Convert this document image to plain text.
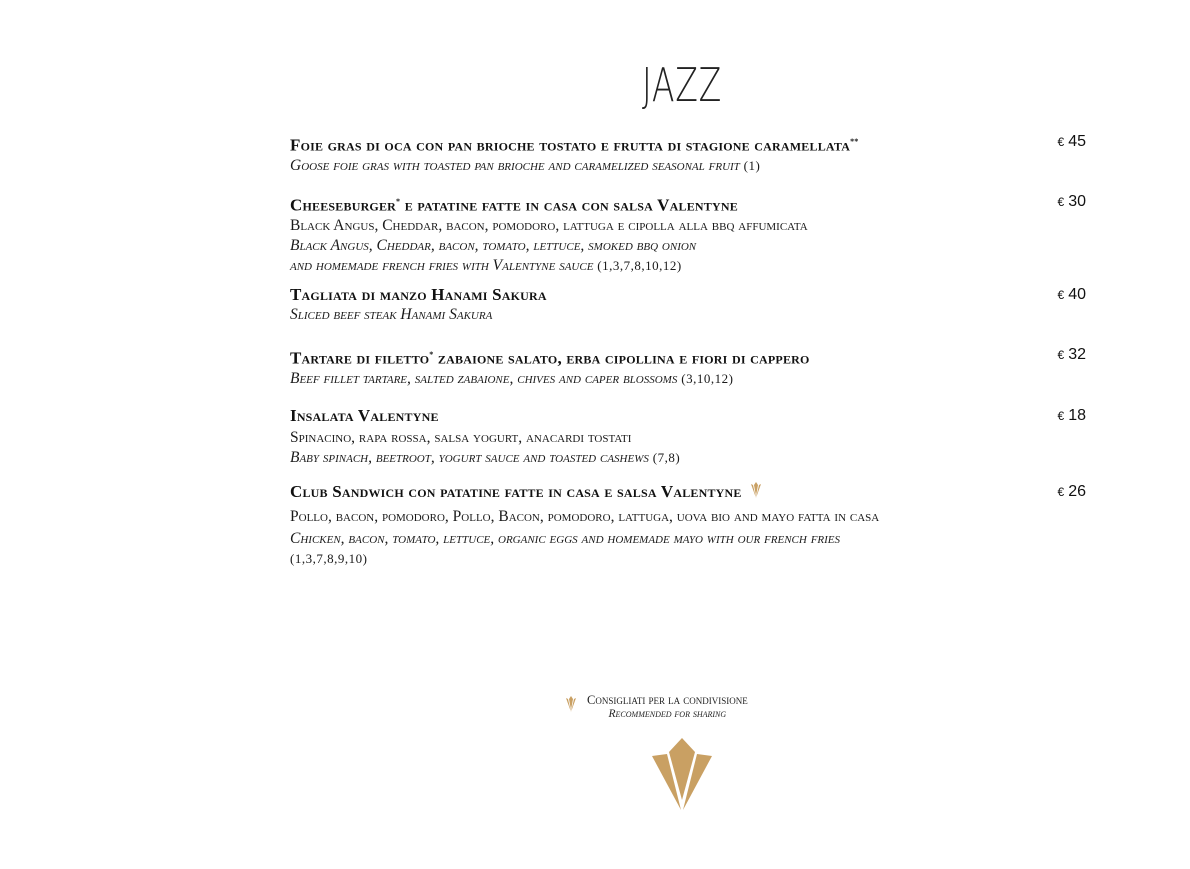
JAZZ
Foie gras di oca con pan brioche tostato e frutta di stagione caramellata**
Goose foie gras with toasted pan brioche and caramelized seasonal fruit (1)
€ 45
Cheeseburger* e patatine fatte in casa con salsa Valentyne
Black Angus, Cheddar, bacon, pomodoro, lattuga e cipolla alla bbq affumicata
Black Angus, Cheddar, bacon, tomato, lettuce, smoked bbq onion
and homemade french fries with Valentyne sauce (1,3,7,8,10,12)
€ 30
Tagliata di manzo Hanami Sakura
Sliced beef steak Hanami Sakura
€ 40
Tartare di filetto* zabaione salato, erba cipollina e fiori di cappero
Beef fillet tartare, salted zabaione, chives and caper blossoms (3,10,12)
€ 32
Insalata Valentyne
Spinacino, rapa rossa, salsa yogurt, anacardi tostati
Baby spinach, beetroot, yogurt sauce and toasted cashews (7,8)
€ 18
Club Sandwich con patatine fatte in casa e salsa Valentyne
Pollo, bacon, pomodoro, Pollo, Bacon, pomodoro, lattuga, uova bio and mayo fatta in casa
Chicken, bacon, tomato, lettuce, organic eggs and homemade mayo with our french fries
(1,3,7,8,9,10)
€ 26
Consigliati per la condivisione
Recommended for sharing
